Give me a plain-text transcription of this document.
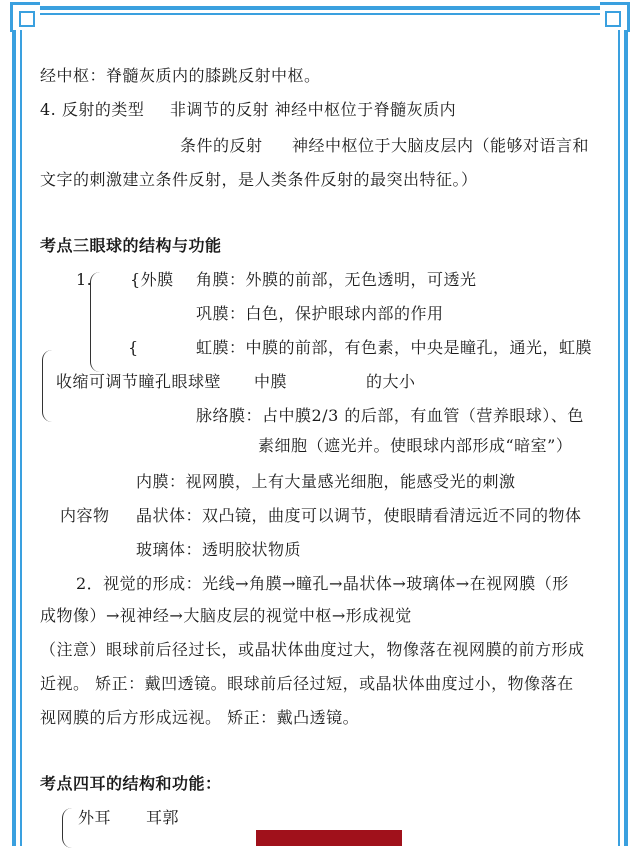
经中枢：脊髓灰质内的膝跳反射中枢。
4. 反射的类型 非调节的反射 神经中枢位于脊髓灰质内
条件的反射 神经中枢位于大脑皮层内（能够对语言和
文字的刺激建立条件反射，是人类条件反射的最突出特征。）
考点三眼球的结构与功能
1. {外膜 角膜：外膜的前部，无色透明，可透光
巩膜：白色，保护眼球内部的作用
{	虹膜：中膜的前部，有色素，中央是瞳孔，通光，虹膜
收缩可调节瞳孔眼球壁 中膜	的大小
脉络膜：占中膜2/3 的后部，有血管（营养眼球）、色
素细胞（遮光并。使眼球内部形成“暗室”）
内膜：视网膜，上有大量感光细胞，能感受光的刺激
内容物 晶状体：双凸镜，曲度可以调节，使眼睛看清远近不同的物体
玻璃体：透明胶状物质
2．视觉的形成：光线→角膜→瞳孔→晶状体→玻璃体→在视网膜（形
成物像）→视神经→大脑皮层的视觉中枢→形成视觉
（注意）眼球前后径过长，或晶状体曲度过大，物像落在视网膜的前方形成
近视。 矫正：戴凹透镜。眼球前后径过短，或晶状体曲度过小，物像落在
视网膜的后方形成远视。 矫正：戴凸透镜。
考点四耳的结构和功能：
外耳 耳郭
